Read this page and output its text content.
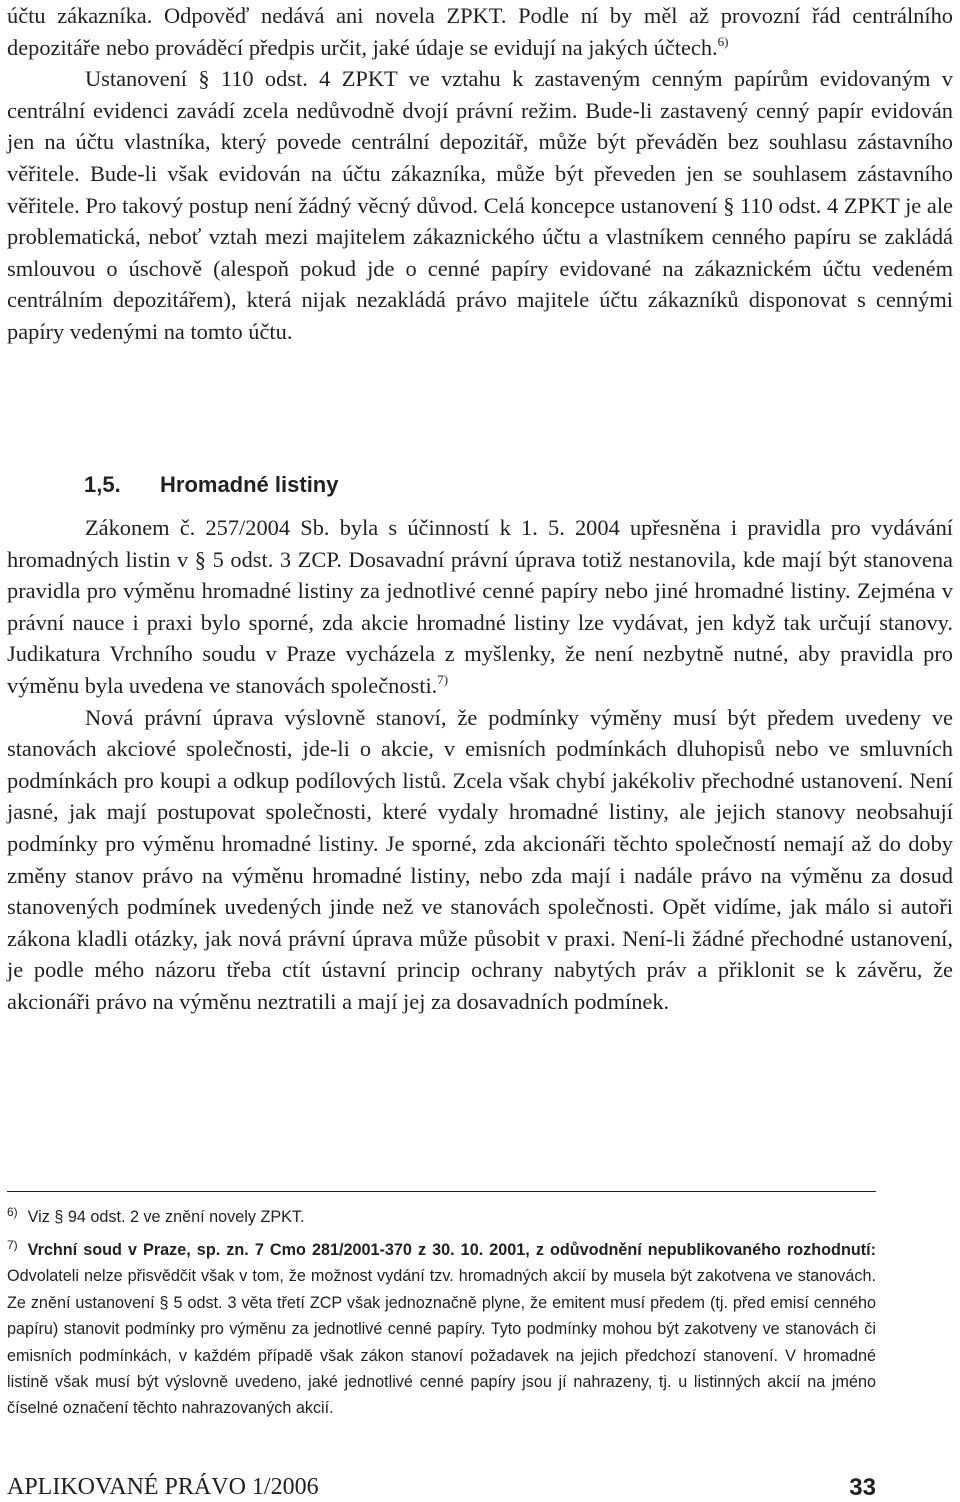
účtu zákazníka. Odpověď nedává ani novela ZPKT. Podle ní by měl až provozní řád centrálního depozitáře nebo prováděcí předpis určit, jaké údaje se evidují na jakých účtech.$^{6)}$
Ustanovení § 110 odst. 4 ZPKT ve vztahu k zastaveným cenným papírům evidovaným v centrální evidenci zavádí zcela nedůvodně dvojí právní režim. Bude-li zastavený cenný papír evidován jen na účtu vlastníka, který povede centrální depozitář, může být převáděn bez souhlasu zástavního věřitele. Bude-li však evidován na účtu zákazníka, může být převeden jen se souhlasem zástavního věřitele. Pro takový postup není žádný věcný důvod. Celá koncepce ustanovení § 110 odst. 4 ZPKT je ale problematická, neboť vztah mezi majitelem zákaznického účtu a vlastníkem cenného papíru se zakládá smlouvou o úschově (alespoň pokud jde o cenné papíry evidované na zákaznickém účtu vedeném centrálním depozitářem), která nijak nezakládá právo majitele účtu zákazníků disponovat s cennými papíry vedenými na tomto účtu.

1,5. Hromadné listiny

Zákonem č. 257/2004 Sb. byla s účinností k 1. 5. 2004 upřesněna i pravidla pro vydávání hromadných listin v § 5 odst. 3 ZCP. Dosavadní právní úprava totiž nestanovila, kde mají být stanovena pravidla pro výměnu hromadné listiny za jednotlivé cenné papíry nebo jiné hromadné listiny. Zejména v právní nauce i praxi bylo sporné, zda akcie hromadné listiny lze vydávat, jen když tak určují stanovy. Judikatura Vrchního soudu v Praze vycházela z myšlenky, že není nezbytně nutné, aby pravidla pro výměnu byla uvedena ve stanovách společnosti.$^{7)}$

Nová právní úprava výslovně stanoví, že podmínky výměny musí být předem uvedeny ve stanovách akciové společnosti, jde-li o akcie, v emisních podmínkách dluhopisů nebo ve smluvních podmínkách pro koupi a odkup podílových listů. Zcela však chybí jakékoliv přechodné ustanovení. Není jasné, jak mají postupovat společnosti, které vydaly hromadné listiny, ale jejich stanovy neobsahují podmínky pro výměnu hromadné listiny. Je sporné, zda akcionáři těchto společností nemají až do doby změny stanov právo na výměnu hromadné listiny, nebo zda mají i nadále právo na výměnu za dosud stanovených podmínek uvedených jinde než ve stanovách společnosti. Opět vidíme, jak málo si autoři zákona kladli otázky, jak nová právní úprava může působit v praxi. Není-li žádné přechodné ustanovení, je podle mého názoru třeba ctít ústavní princip ochrany nabytých práv a přiklonit se k závěru, že akcionáři právo na výměnu neztratili a mají jej za dosavadních podmínek.

$^{6)}$ Viz § 94 odst. 2 ve znění novely ZPKT.

$^{7)}$ Vrchní soud v Praze, sp. zn. 7 Cmo 281/2001-370 z 30. 10. 2001, z odůvodnění nepublikovaného rozhodnutí: Odvolateli nelze přisvědčit však v tom, že možnost vydání tzv. hromadných akcií by musela být zakotvena ve stanovách. Ze znění ustanovení § 5 odst. 3 věta třetí ZCP však jednoznačně plyne, že emitent musí předem (tj. před emisí cenného papíru) stanovit podmínky pro výměnu za jednotlivé cenné papíry. Tyto podmínky mohou být zakotveny ve stanovách či emisních podmínkách, v každém případě však zákon stanoví požadavek na jejich předchozí stanovení. V hromadné listině však musí být výslovně uvedeno, jaké jednotlivé cenné papíry jsou jí nahrazeny, tj. u listinných akcií na jméno číselné označení těchto nahrazovaných akcií.

APLIKOVANÉ PRÁVO 1/2006	33
